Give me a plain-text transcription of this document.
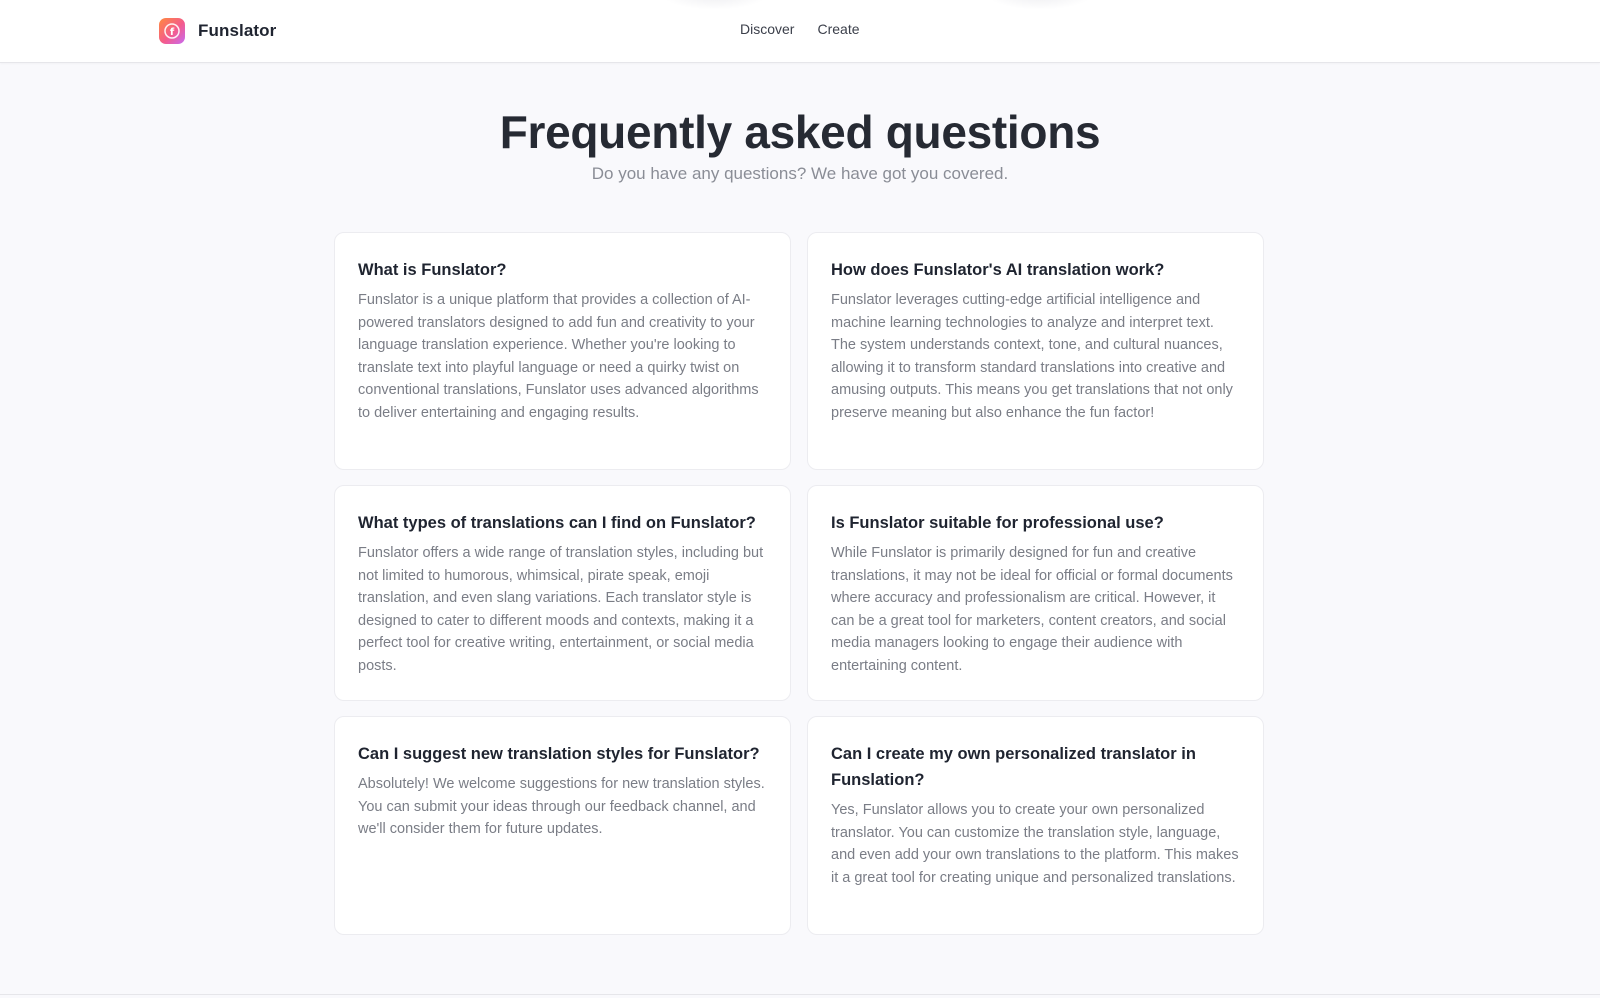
f Funslator	Discover Create
Frequently asked questions

Do you have any questions? We have got you covered.

What is Funslator?

Funslator is a unique platform that provides a collection of AI-powered translators designed to add fun and creativity to your language translation experience. Whether you're looking to translate text into playful language or need a quirky twist on conventional translations, Funslator uses advanced algorithms to deliver entertaining and engaging results.

How does Funslator's AI translation work?

Funslator leverages cutting-edge artificial intelligence and machine learning technologies to analyze and interpret text. The system understands context, tone, and cultural nuances, allowing it to transform standard translations into creative and amusing outputs. This means you get translations that not only preserve meaning but also enhance the fun factor!

What types of translations can I find on Funslator?

Funslator offers a wide range of translation styles, including but not limited to humorous, whimsical, pirate speak, emoji translation, and even slang variations. Each translator style is designed to cater to different moods and contexts, making it a perfect tool for creative writing, entertainment, or social media posts.

Is Funslator suitable for professional use?

While Funslator is primarily designed for fun and creative translations, it may not be ideal for official or formal documents where accuracy and professionalism are critical. However, it can be a great tool for marketers, content creators, and social media managers looking to engage their audience with entertaining content.

Can I suggest new translation styles for Funslator?

Absolutely! We welcome suggestions for new translation styles. You can submit your ideas through our feedback channel, and we'll consider them for future updates.

Can I create my own personalized translator in Funslation?

Yes, Funslator allows you to create your own personalized translator. You can customize the translation style, language, and even add your own translations to the platform. This makes it a great tool for creating unique and personalized translations.
